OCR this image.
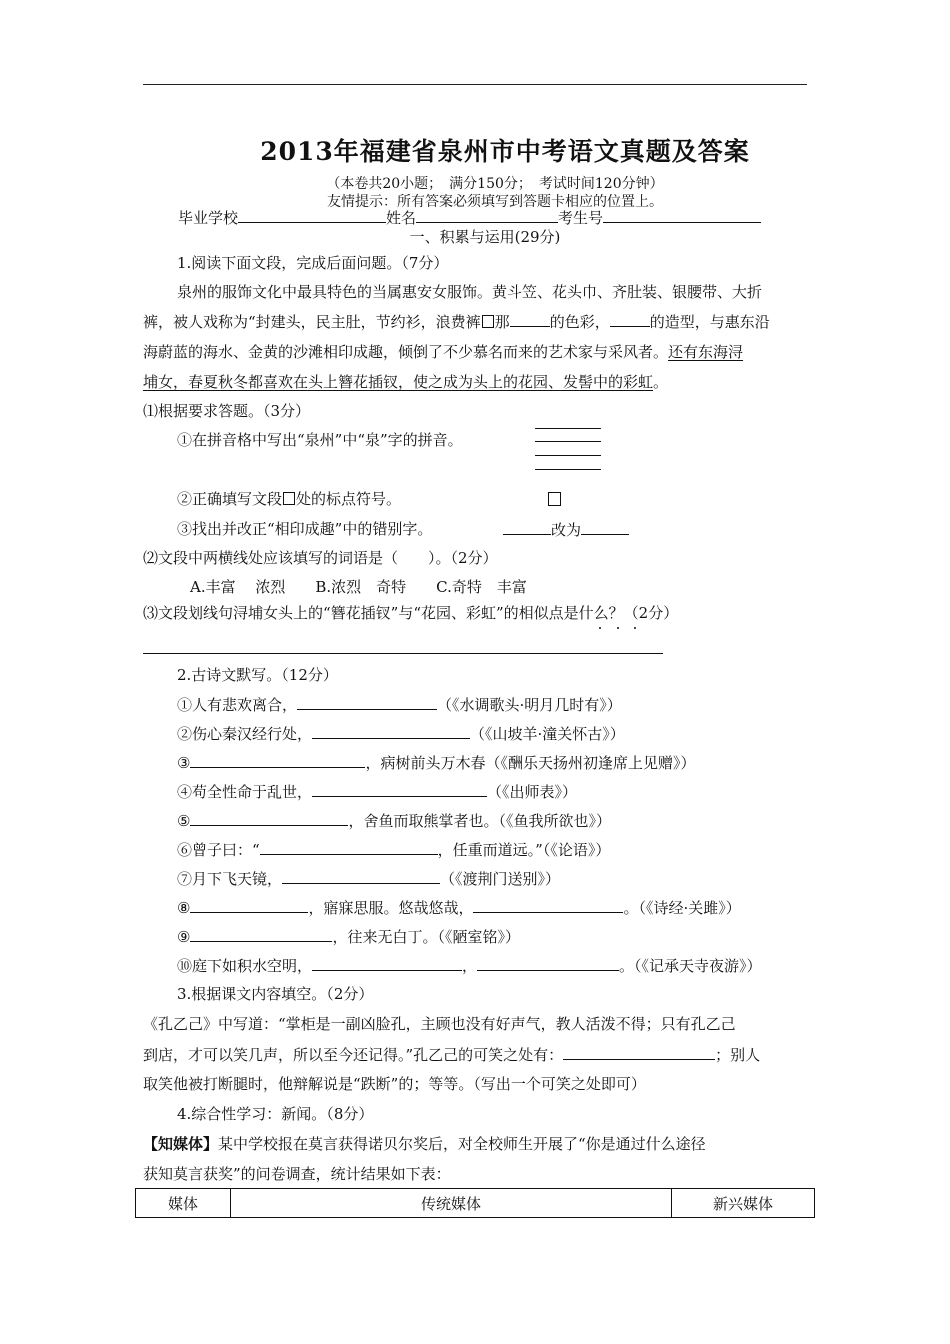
2013年福建省泉州市中考语文真题及答案
（本卷共20小题；　满分150分；　考试时间120分钟）
友情提示：所有答案必须填写到答题卡相应的位置上。
毕业学校	姓名	考生号
一、积累与运用(29分)
1.阅读下面文段，完成后面问题。（7分）
泉州的服饰文化中最具特色的当属惠安女服饰。黄斗笠、花头巾、齐肚装、银腰带、大折
裤，被人戏称为“封建头，民主肚，节约衫，浪费裤 那	的色彩，	的造型，与惠东沿
海蔚蓝的海水、金黄的沙滩相印成趣，倾倒了不少慕名而来的艺术家与采风者。还有东海浔
埔女，春夏秋冬都喜欢在头上簪花插钗，使之成为头上的花园、发髻中的彩虹。
⑴根据要求答题。（3分）
①在拼音格中写出“泉州”中“泉”字的拼音。
②正确填写文段 处的标点符号。
③找出并改正“相印成趣”中的错别字。	改为
⑵文段中两横线处应该填写的词语是（　　）。（2分）
A.丰富　 浓烈　　B.浓烈　奇特　　C.奇特　丰富
⑶文段划线句浔埔女头上的“簪花插钗”与“花园、彩虹”的相似点是什么？（2分）
2.古诗文默写。（12分）
①人有悲欢离合，	（《水调歌头·明月几时有》）
②伤心秦汉经行处，	（《山坡羊·潼关怀古》）
③	，病树前头万木春（《酬乐天扬州初逢席上见赠》）
④苟全性命于乱世，	（《出师表》）
⑤	，舍鱼而取熊掌者也。（《鱼我所欲也》）
⑥曾子曰：“	，任重而道远。”（《论语》）
⑦月下飞天镜，	（《渡荆门送别》）
⑧	，寤寐思服。悠哉悠哉，	。（《诗经·关雎》）
⑨	，往来无白丁。（《陋室铭》）
⑩庭下如积水空明，	，	。（《记承天寺夜游》）
3.根据课文内容填空。（2分）
《孔乙己》中写道：“掌柜是一副凶脸孔，主顾也没有好声气，教人活泼不得；只有孔乙己
到店，才可以笑几声，所以至今还记得。”孔乙己的可笑之处有：	；别人
取笑他被打断腿时，他辩解说是“跌断”的；等等。（写出一个可笑之处即可）
4.综合性学习：新闻。（8分）
【知媒体】某中学校报在莫言获得诺贝尔奖后，对全校师生开展了“你是通过什么途径
获知莫言获奖”的问卷调查，统计结果如下表：
媒体	传统媒体	新兴媒体
